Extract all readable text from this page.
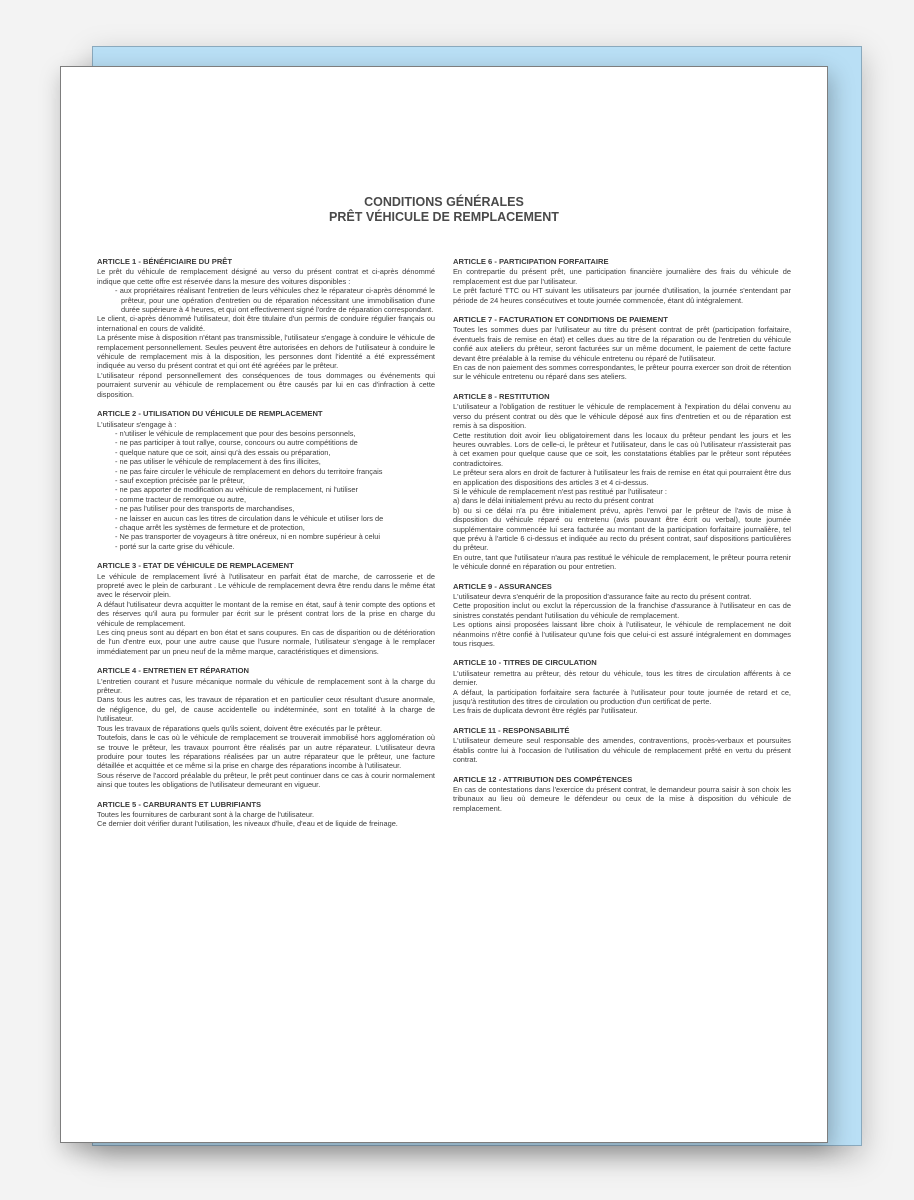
CONDITIONS GÉNÉRALES
PRÊT VÉHICULE DE REMPLACEMENT
ARTICLE 1 - BÉNÉFICIAIRE DU PRÊT

Le prêt du véhicule de remplacement désigné au verso du présent contrat et ci-après dénommé indique que cette offre est réservée dans la mesure des voitures disponibles :

- aux propriétaires réalisant l'entretien de leurs véhicules chez le réparateur ci-après dénommé le prêteur, pour une opération d'entretien ou de réparation nécessitant une immobilisation d'une durée supérieure à 4 heures, et qui ont effectivement signé l'ordre de réparation correspondant.

Le client, ci-après dénommé l'utilisateur, doit être titulaire d'un permis de conduire régulier français ou international en cours de validité.

La présente mise à disposition n'étant pas transmissible, l'utilisateur s'engage à conduire le véhicule de remplacement personnellement. Seules peuvent être autorisées en dehors de l'utilisateur à conduire le véhicule de remplacement mis à la disposition, les personnes dont l'identité a été expressément indiquée au verso du présent contrat et qui ont été agréées par le prêteur.

L'utilisateur répond personnellement des conséquences de tous dommages ou événements qui pourraient survenir au véhicule de remplacement ou être causés par lui en cas d'infraction à cette disposition.

ARTICLE 2 - UTILISATION DU VÉHICULE DE REMPLACEMENT

L'utilisateur s'engage à :

- n'utiliser le véhicule de remplacement que pour des besoins personnels,
- ne pas participer à tout rallye, course, concours ou autre compétitions de
- quelque nature que ce soit, ainsi qu'à des essais ou préparation,
- ne pas utiliser le véhicule de remplacement à des fins illicites,
- ne pas faire circuler le véhicule de remplacement en dehors du territoire français
- sauf exception précisée par le prêteur,
- ne pas apporter de modification au véhicule de remplacement, ni l'utiliser
- comme tracteur de remorque ou autre,
- ne pas l'utiliser pour des transports de marchandises,
- ne laisser en aucun cas les titres de circulation dans le véhicule et utiliser lors de
- chaque arrêt les systèmes de fermeture et de protection,
- Ne pas transporter de voyageurs à titre onéreux, ni en nombre supérieur à celui
- porté sur la carte grise du véhicule.
ARTICLE 3 - ETAT DE VÉHICULE DE REMPLACEMENT

Le véhicule de remplacement livré à l'utilisateur en parfait état de marche, de carrosserie et de propreté avec le plein de carburant . Le véhicule de remplacement devra être rendu dans le même état avec le réservoir plein.

A défaut l'utilisateur devra acquitter le montant de la remise en état, sauf à tenir compte des options et des réserves qu'il aura pu formuler par écrit sur le présent contrat lors de la prise en charge du véhicule de remplacement.

Les cinq pneus sont au départ en bon état et sans coupures. En cas de disparition ou de détérioration de l'un d'entre eux, pour une autre cause que l'usure normale, l'utilisateur s'engage à le remplacer immédiatement par un pneu neuf de la même marque, caractéristiques et dimensions.

ARTICLE 4 - ENTRETIEN ET RÉPARATION

L'entretien courant et l'usure mécanique normale du véhicule de remplacement sont à la charge du prêteur.

Dans tous les autres cas, les travaux de réparation et en particulier ceux résultant d'usure anormale, de négligence, du gel, de cause accidentelle ou indéterminée, sont en totalité à la charge de l'utilisateur.

Tous les travaux de réparations quels qu'ils soient, doivent être exécutés par le prêteur.

Toutefois, dans le cas où le véhicule de remplacement se trouverait immobilisé hors agglomération où se trouve le prêteur, les travaux pourront être réalisés par un autre réparateur. L'utilisateur devra produire pour toutes les réparations réalisées par un autre réparateur que le prêteur, une facture détaillée et acquittée et ce même si la prise en charge des réparations incombe à l'utilisateur.

Sous réserve de l'accord préalable du prêteur, le prêt peut continuer dans ce cas à courir normalement ainsi que toutes les obligations de l'utilisateur demeurant en vigueur.

ARTICLE 5 - CARBURANTS ET LUBRIFIANTS

Toutes les fournitures de carburant sont à la charge de l'utilisateur.

Ce dernier doit vérifier durant l'utilisation, les niveaux d'huile, d'eau et de liquide de freinage.

ARTICLE 6 - PARTICIPATION FORFAITAIRE

En contrepartie du présent prêt, une participation financière journalière des frais du véhicule de remplacement est due par l'utilisateur.

Le prêt facturé TTC ou HT suivant les utilisateurs par journée d'utilisation, la journée s'entendant par période de 24 heures consécutives et toute journée commencée, étant dû intégralement.

ARTICLE 7 - FACTURATION ET CONDITIONS DE PAIEMENT

Toutes les sommes dues par l'utilisateur au titre du présent contrat de prêt (participation forfaitaire, éventuels frais de remise en état) et celles dues au titre de la réparation ou de l'entretien du véhicule confié aux ateliers du prêteur, seront facturées sur un même document, le paiement de cette facture devant être préalable à la remise du véhicule entretenu ou réparé de l'utilisateur.

En cas de non paiement des sommes correspondantes, le prêteur pourra exercer son droit de rétention sur le véhicule entretenu ou réparé dans ses ateliers.

ARTICLE 8 - RESTITUTION

L'utilisateur a l'obligation de restituer le véhicule de remplacement à l'expiration du délai convenu au verso du présent contrat ou dès que le véhicule déposé aux fins d'entretien et ou de réparation est remis à sa disposition.

Cette restitution doit avoir lieu obligatoirement dans les locaux du prêteur pendant les jours et les heures ouvrables. Lors de celle-ci, le prêteur et l'utilisateur, dans le cas où l'utilisateur n'assisterait pas à cet examen pour quelque cause que ce soit, les constatations établies par le prêteur sont réputées contradictoires.

Le prêteur sera alors en droit de facturer à l'utilisateur les frais de remise en état qui pourraient être dus en application des dispositions des articles 3 et 4 ci-dessus.

Si le véhicule de remplacement n'est pas restitué par l'utilisateur :

a) dans le délai initialement prévu au recto du présent contrat

b) ou si ce délai n'a pu être initialement prévu, après l'envoi par le prêteur de l'avis de mise à disposition du véhicule réparé ou entretenu (avis pouvant être écrit ou verbal), toute journée supplémentaire commencée lui sera facturée au montant de la participation forfaitaire journalière, tel que prévu à l'article 6 ci-dessus et indiquée au recto du présent contrat, sauf dispositions particulières du prêteur.

En outre, tant que l'utilisateur n'aura pas restitué le véhicule de remplacement, le prêteur pourra retenir le véhicule donné en réparation ou pour entretien.

ARTICLE 9 - ASSURANCES

L'utilisateur devra s'enquérir de la proposition d'assurance faite au recto du présent contrat.

Cette proposition inclut ou exclut la répercussion de la franchise d'assurance à l'utilisateur en cas de sinistres constatés pendant l'utilisation du véhicule de remplacement.

Les options ainsi proposées laissant libre choix à l'utilisateur, le véhicule de remplacement ne doit néanmoins n'être confié à l'utilisateur qu'une fois que celui-ci est assuré intégralement en dommages tous risques.

ARTICLE 10 - TITRES DE CIRCULATION

L'utilisateur remettra au prêteur, dès retour du véhicule, tous les titres de circulation afférents à ce dernier.

A défaut, la participation forfaitaire sera facturée à l'utilisateur pour toute journée de retard et ce, jusqu'à restitution des titres de circulation ou production d'un certificat de perte.

Les frais de duplicata devront être réglés par l'utilisateur.

ARTICLE 11 - RESPONSABILITÉ

L'utilisateur demeure seul responsable des amendes, contraventions, procès-verbaux et poursuites établis contre lui à l'occasion de l'utilisation du véhicule de remplacement prêté en vertu du présent contrat.

ARTICLE 12 - ATTRIBUTION DES COMPÉTENCES

En cas de contestations dans l'exercice du présent contrat, le demandeur pourra saisir à son choix les tribunaux au lieu où demeure le défendeur ou ceux de la mise à disposition du véhicule de remplacement.
